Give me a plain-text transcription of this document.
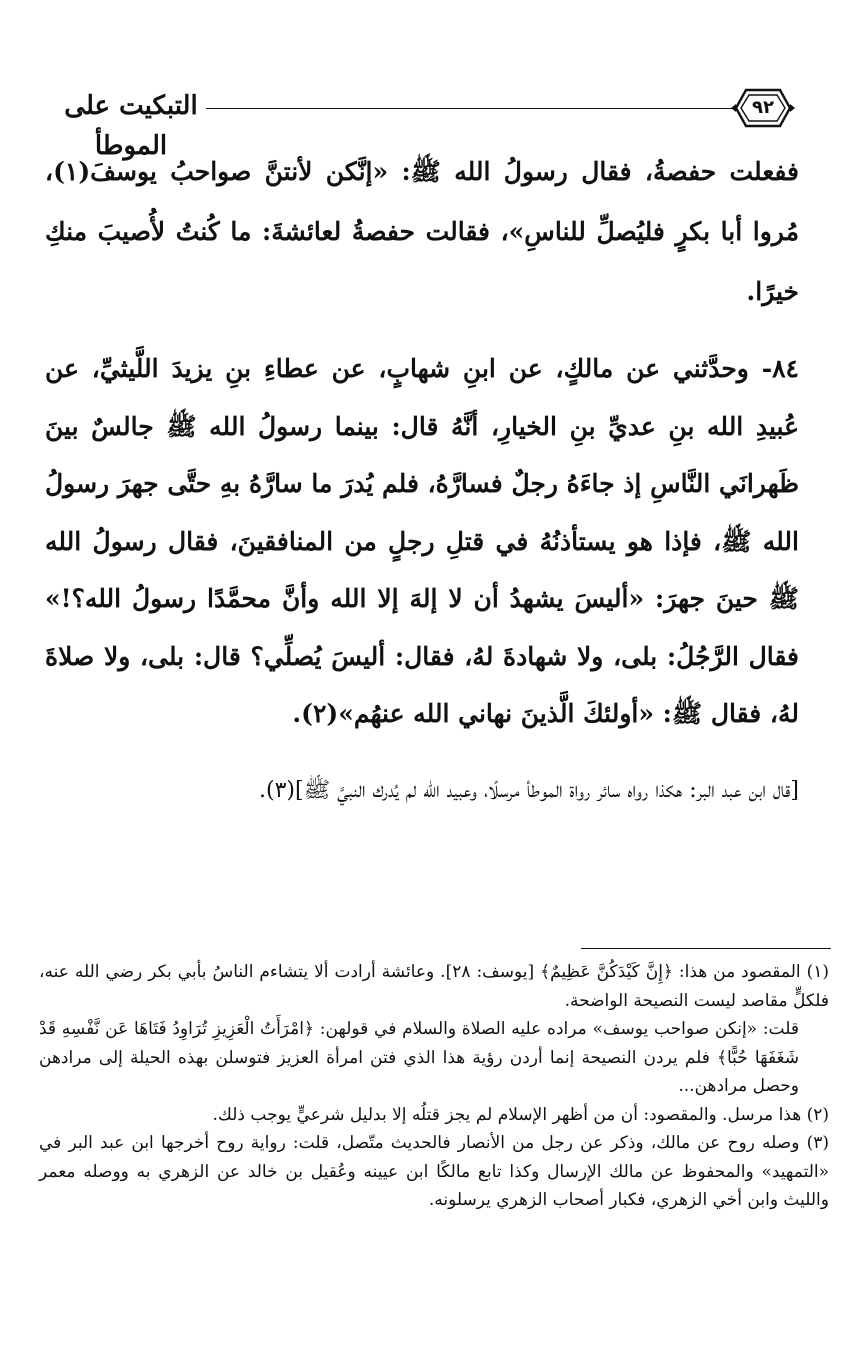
التبكيت على الموطأ
٩٢

ففعلت حفصةُ، فقال رسولُ الله ﷺ: «إنَّكن لأنتنَّ صواحبُ يوسفَ(١)، مُروا أبا بكرٍ فليُصلِّ للناسِ»، فقالت حفصةُ لعائشةَ: ما كُنتُ لأُصيبَ منكِ خيرًا.

٨٤- وحدَّثني عن مالكٍ، عن ابنِ شهابٍ، عن عطاءِ بنِ يزيدَ اللَّيثيِّ، عن عُبيدِ الله بنِ عديِّ بنِ الخيارِ، أنَّهُ قال: بينما رسولُ الله ﷺ جالسٌ بينَ ظَهرانَي النَّاسِ إذ جاءَهُ رجلٌ فسارَّهُ، فلم يُدرَ ما سارَّهُ بهِ حتَّى جهرَ رسولُ الله ﷺ، فإذا هو يستأذنُهُ في قتلِ رجلٍ من المنافقينَ، فقال رسولُ الله ﷺ حينَ جهرَ: «أليسَ يشهدُ أن لا إلهَ إلا الله وأنَّ محمَّدًا رسولُ الله؟!» فقال الرَّجُلُ: بلى، ولا شهادةَ لهُ، فقال: أليسَ يُصلِّي؟ قال: بلى، ولا صلاةَ لهُ، فقال ﷺ: «أولئكَ الَّذينَ نهاني الله عنهُم»(٢).

[قال ابن عبد البر: هكذا رواه سائر رواة الموطأ مرسلًا، وعبيد الله لم يُدرك النبيَّ ﷺ](٣).

(١) المقصود من هذا: ﴿إِنَّ كَيْدَكُنَّ عَظِيمٌ﴾ [يوسف: ٢٨]. وعائشة أرادت ألا يتشاءم الناسُ بأبي بكر رضي الله عنه، فلكلٍّ مقاصد ليست النصيحة الواضحة.

قلت: «إنكن صواحب يوسف» مراده عليه الصلاة والسلام في قولهن: ﴿امْرَأَتُ الْعَزِيزِ تُرَاوِدُ فَتَاهَا عَن نَّفْسِهِ قَدْ شَغَفَهَا حُبًّا﴾ فلم يردن النصيحة إنما أردن رؤية هذا الذي فتن امرأة العزيز فتوسلن بهذه الحيلة إلى مرادهن وحصل مرادهن...

(٢) هذا مرسل. والمقصود: أن من أظهر الإسلام لم يجز قتلُه إلا بدليل شرعيٍّ يوجب ذلك.

(٣) وصله روح عن مالك، وذكر عن رجل من الأنصار فالحديث متّصل، قلت: رواية روح أخرجها ابن عبد البر في «التمهيد» والمحفوظ عن مالك الإرسال وكذا تابع مالكًا ابن عيينه وعُقيل بن خالد عن الزهري به ووصله معمر والليث وابن أخي الزهري، فكبار أصحاب الزهري يرسلونه.
